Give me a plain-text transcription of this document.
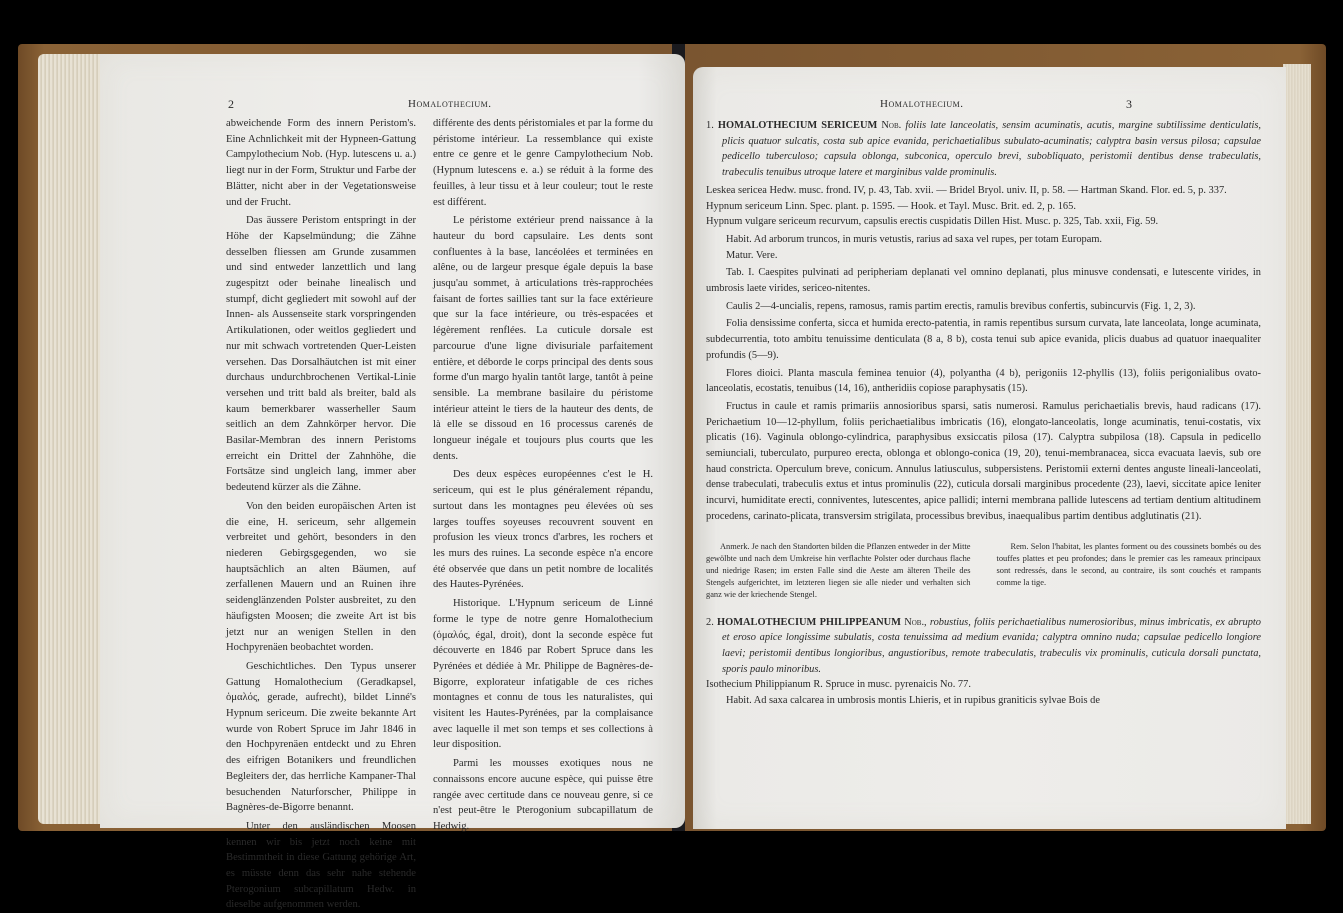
2	Homalothecium.

abweichende Form des innern Peristom's. Eine Achnlichkeit mit der Hypneen-Gattung Campylothecium Nob. (Hyp. lutescens u. a.) liegt nur in der Form, Struktur und Farbe der Blätter, nicht aber in der Vegetationsweise und der Frucht.

Das äussere Peristom entspringt in der Höhe der Kapselmündung; die Zähne desselben fliessen am Grunde zusammen und sind entweder lanzettlich und lang zugespitzt oder beinahe linealisch und stumpf, dicht gegliedert mit sowohl auf der Innen- als Aussenseite stark vorspringenden Artikulationen, oder weitlos gegliedert und nur mit schwach vortretenden Quer-Leisten versehen. Das Dorsalhäutchen ist mit einer durchaus undurchbrochenen Vertikal-Linie versehen und tritt bald als breiter, bald als kaum bemerkbarer wasserheller Saum seitlich an dem Zahnkörper hervor. Die Basilar-Membran des innern Peristoms erreicht ein Drittel der Zahnhöhe, die Fortsätze sind ungleich lang, immer aber bedeutend kürzer als die Zähne.

Von den beiden europäischen Arten ist die eine, H. sericeum, sehr allgemein verbreitet und gehört, besonders in den niederen Gebirgsgegenden, wo sie hauptsächlich an alten Bäumen, auf zerfallenen Mauern und an Ruinen ihre seidenglänzenden Polster ausbreitet, zu den häufigsten Moosen; die zweite Art ist bis jetzt nur an wenigen Stellen in den Hochpyrenäen beobachtet worden.

Geschichtliches. Den Typus unserer Gattung Homalothecium (Geradkapsel, ὁμαλός, gerade, aufrecht), bildet Linné's Hypnum sericeum. Die zweite bekannte Art wurde von Robert Spruce im Jahr 1846 in den Hochpyrenäen entdeckt und zu Ehren des eifrigen Botanikers und freundlichen Begleiters der, das herrliche Kampaner-Thal besuchenden Naturforscher, Philippe in Bagnères-de-Bigorre benannt.

Unter den ausländischen Moosen kennen wir bis jetzt noch keine mit Bestimmtheit in diese Gattung gehörige Art, es müsste denn das sehr nahe stehende Pterogonium subcapillatum Hedw. in dieselbe aufgenommen werden.

différente des dents péristomiales et par la forme du péristome intérieur. La ressemblance qui existe entre ce genre et le genre Campylothecium Nob. (Hypnum lutescens e. a.) se réduit à la forme des feuilles, à leur tissu et à leur couleur; tout le reste est différent.

Le péristome extérieur prend naissance à la hauteur du bord capsulaire. Les dents sont confluentes à la base, lancéolées et terminées en alêne, ou de largeur presque égale depuis la base jusqu'au sommet, à articulations très-rapprochées faisant de fortes saillies tant sur la face extérieure que sur la face intérieure, ou très-espacées et légèrement renflées. La cuticule dorsale est parcourue d'une ligne divisuriale parfaitement entière, et déborde le corps principal des dents sous forme d'un margo hyalin tantôt large, tantôt à peine sensible. La membrane basilaire du péristome intérieur atteint le tiers de la hauteur des dents, de là elle se dissoud en 16 processus carenés de longueur inégale et toujours plus courts que les dents.

Des deux espèces européennes c'est le H. sericeum, qui est le plus généralement répandu, surtout dans les montagnes peu élevées où ses larges touffes soyeuses recouvrent souvent en profusion les vieux troncs d'arbres, les rochers et les murs des ruines. La seconde espèce n'a encore été observée que dans un petit nombre de localités des Hautes-Pyrénées.

Historique. L'Hypnum sericeum de Linné forme le type de notre genre Homalothecium (ὁμαλός, égal, droit), dont la seconde espèce fut découverte en 1846 par Robert Spruce dans les Pyrénées et dédiée à Mr. Philippe de Bagnères-de-Bigorre, explorateur infatigable de ces riches montagnes et connu de tous les naturalistes, qui visitent les Hautes-Pyrénées, par la complaisance avec laquelle il met son temps et ses collections à leur disposition.

Parmi les mousses exotiques nous ne connaissons encore aucune espèce, qui puisse être rangée avec certitude dans ce nouveau genre, si ce n'est peut-être le Pterogonium subcapillatum de Hedwig.

Homalothecium.	3

1. HOMALOTHECIUM SERICEUM Nob. foliis late lanceolatis, sensim acuminatis, acutis, margine subtilissime denticulatis, plicis quatuor sulcatis, costa sub apice evanida, perichaetialibus subulato-acuminatis; calyptra basin versus pilosa; capsulae pedicello tuberculoso; capsula oblonga, subconica, operculo brevi, subobliquato, peristomii dentibus dense trabeculatis, trabeculis tenuibus utroque latere et marginibus valde prominulis.

Leskea sericea Hedw. musc. frond. IV, p. 43, Tab. xvii. — Bridel Bryol. univ. II, p. 58. — Hartman Skand. Flor. ed. 5, p. 337.

Hypnum sericeum Linn. Spec. plant. p. 1595. — Hook. et Tayl. Musc. Brit. ed. 2, p. 165.

Hypnum vulgare sericeum recurvum, capsulis erectis cuspidatis Dillen Hist. Musc. p. 325, Tab. xxii, Fig. 59.

Habit. Ad arborum truncos, in muris vetustis, rarius ad saxa vel rupes, per totam Europam.

Matur. Vere.

Tab. I. Caespites pulvinati ad peripheriam deplanati vel omnino deplanati, plus minusve condensati, e lutescente virides, in umbrosis laete virides, sericeo-nitentes.

Caulis 2—4-uncialis, repens, ramosus, ramis partim erectis, ramulis brevibus confertis, subincurvis (Fig. 1, 2, 3).

Folia densissime conferta, sicca et humida erecto-patentia, in ramis repentibus sursum curvata, late lanceolata, longe acuminata, subdecurrentia, toto ambitu tenuissime denticulata (8 a, 8 b), costa tenui sub apice evanida, plicis duabus ad quatuor inaequaliter profundis (5—9).

Flores dioici. Planta mascula feminea tenuior (4), polyantha (4 b), perigoniis 12-phyllis (13), foliis perigonialibus ovato-lanceolatis, ecostatis, tenuibus (14, 16), antheridiis copiose paraphysatis (15).

Fructus in caule et ramis primariis annosioribus sparsi, satis numerosi. Ramulus perichaetialis brevis, haud radicans (17). Perichaetium 10—12-phyllum, foliis perichaetialibus imbricatis (16), elongato-lanceolatis, longe acuminatis, tenui-costatis, vix plicatis (16). Vaginula oblongo-cylindrica, paraphysibus exsiccatis pilosa (17). Calyptra subpilosa (18). Capsula in pedicello semiunciali, tuberculato, purpureo erecta, oblonga et oblongo-conica (19, 20), tenui-membranacea, sicca evacuata laevis, sub ore haud constricta. Operculum breve, conicum. Annulus latiusculus, subpersistens. Peristomii externi dentes anguste lineali-lanceolati, dense trabeculati, trabeculis extus et intus prominulis (22), cuticula dorsali marginibus procedente (23), laevi, siccitate apice leniter incurvi, humiditate erecti, conniventes, lutescentes, apice pallidi; interni membrana pallide lutescens ad tertiam dentium altitudinem procedens, carinato-plicata, transversim strigilata, processibus brevibus, inaequalibus partim dentibus adglutinatis (21).

Anmerk. Je nach den Standorten bilden die Pflanzen entweder in der Mitte gewölbte und nach dem Umkreise hin verflachte Polster oder durchaus flache und niedrige Rasen; im ersten Falle sind die Aeste am älteren Theile des Stengels aufgerichtet, im letzteren liegen sie alle nieder und verhalten sich ganz wie der kriechende Stengel.
Rem. Selon l'habitat, les plantes forment ou des coussinets bombés ou des touffes plattes et peu profondes; dans le premier cas les rameaux principaux sont redressés, dans le second, au contraire, ils sont couchés et rampants comme la tige.

2. HOMALOTHECIUM PHILIPPEANUM Nob., robustius, foliis perichaetialibus numerosioribus, minus imbricatis, ex abrupto et eroso apice longissime subulatis, costa tenuissima ad medium evanida; calyptra omnino nuda; capsulae pedicello longiore laevi; peristomii dentibus longioribus, angustioribus, remote trabeculatis, trabeculis vix prominulis, cuticula dorsali punctata, sporis paulo minoribus.

Isothecium Philippianum R. Spruce in musc. pyrenaicis No. 77.

Habit. Ad saxa calcarea in umbrosis montis Lhieris, et in rupibus graniticis sylvae Bois de
